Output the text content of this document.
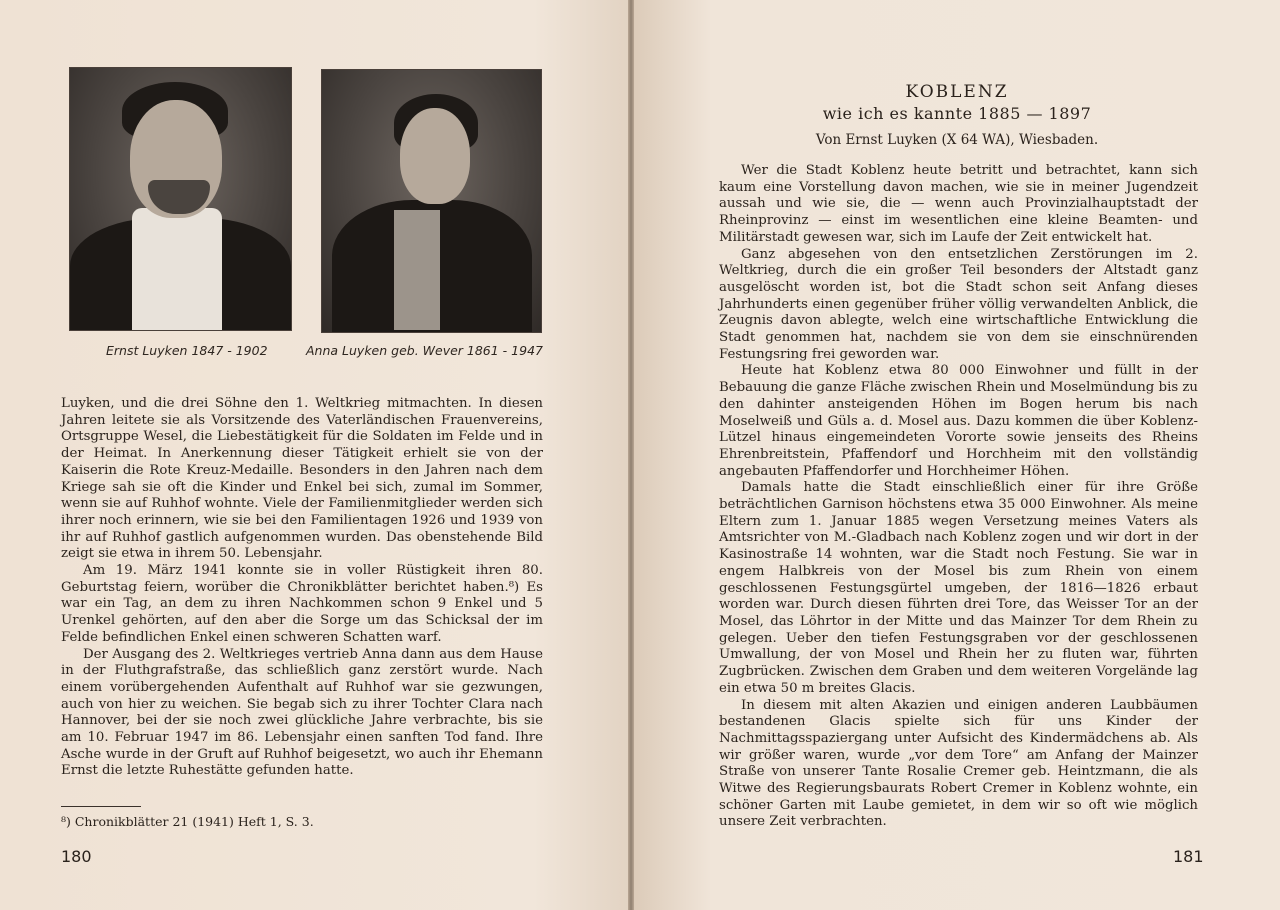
Ernst Luyken 1847 - 1902	Anna Luyken geb. Wever 1861 - 1947

Luyken, und die drei Söhne den 1. Weltkrieg mitmachten. In diesen Jahren leitete sie als Vorsitzende des Vaterländischen Frauenvereins, Ortsgruppe Wesel, die Liebestätigkeit für die Soldaten im Felde und in der Heimat. In Anerkennung dieser Tätigkeit erhielt sie von der Kaiserin die Rote Kreuz-Medaille. Besonders in den Jahren nach dem Kriege sah sie oft die Kinder und Enkel bei sich, zumal im Sommer, wenn sie auf Ruhhof wohnte. Viele der Familienmitglieder werden sich ihrer noch erinnern, wie sie bei den Familientagen 1926 und 1939 von ihr auf Ruhhof gastlich aufgenommen wurden. Das obenstehende Bild zeigt sie etwa in ihrem 50. Lebensjahr.

Am 19. März 1941 konnte sie in voller Rüstigkeit ihren 80. Geburtstag feiern, worüber die Chronikblätter berichtet haben.⁸) Es war ein Tag, an dem zu ihren Nachkommen schon 9 Enkel und 5 Urenkel gehörten, auf den aber die Sorge um das Schicksal der im Felde befindlichen Enkel einen schweren Schatten warf.

Der Ausgang des 2. Weltkrieges vertrieb Anna dann aus dem Hause in der Fluthgrafstraße, das schließlich ganz zerstört wurde. Nach einem vorübergehenden Aufenthalt auf Ruhhof war sie gezwungen, auch von hier zu weichen. Sie begab sich zu ihrer Tochter Clara nach Hannover, bei der sie noch zwei glückliche Jahre verbrachte, bis sie am 10. Februar 1947 im 86. Lebensjahr einen sanften Tod fand. Ihre Asche wurde in der Gruft auf Ruhhof beigesetzt, wo auch ihr Ehemann Ernst die letzte Ruhestätte gefunden hatte.

⁸) Chronikblätter 21 (1941) Heft 1, S. 3.
180
KOBLENZ
wie ich es kannte 1885 — 1897
Von Ernst Luyken (X 64 WA), Wiesbaden.

Wer die Stadt Koblenz heute betritt und betrachtet, kann sich kaum eine Vorstellung davon machen, wie sie in meiner Jugendzeit aussah und wie sie, die — wenn auch Provinzialhauptstadt der Rheinprovinz — einst im wesentlichen eine kleine Beamten- und Militärstadt gewesen war, sich im Laufe der Zeit entwickelt hat.

Ganz abgesehen von den entsetzlichen Zerstörungen im 2. Weltkrieg, durch die ein großer Teil besonders der Altstadt ganz ausgelöscht worden ist, bot die Stadt schon seit Anfang dieses Jahrhunderts einen gegenüber früher völlig verwandelten Anblick, die Zeugnis davon ablegte, welch eine wirtschaftliche Entwicklung die Stadt genommen hat, nachdem sie von dem sie einschnürenden Festungsring frei geworden war.

Heute hat Koblenz etwa 80 000 Einwohner und füllt in der Bebauung die ganze Fläche zwischen Rhein und Moselmündung bis zu den dahinter ansteigenden Höhen im Bogen herum bis nach Moselweiß und Güls a. d. Mosel aus. Dazu kommen die über Koblenz-Lützel hinaus eingemeindeten Vororte sowie jenseits des Rheins Ehrenbreitstein, Pfaffendorf und Horchheim mit den vollständig angebauten Pfaffendorfer und Horchheimer Höhen.

Damals hatte die Stadt einschließlich einer für ihre Größe beträchtlichen Garnison höchstens etwa 35 000 Einwohner. Als meine Eltern zum 1. Januar 1885 wegen Versetzung meines Vaters als Amtsrichter von M.-Gladbach nach Koblenz zogen und wir dort in der Kasinostraße 14 wohnten, war die Stadt noch Festung. Sie war in engem Halbkreis von der Mosel bis zum Rhein von einem geschlossenen Festungsgürtel umgeben, der 1816—1826 erbaut worden war. Durch diesen führten drei Tore, das Weisser Tor an der Mosel, das Löhrtor in der Mitte und das Mainzer Tor dem Rhein zu gelegen. Ueber den tiefen Festungsgraben vor der geschlossenen Umwallung, der von Mosel und Rhein her zu fluten war, führten Zugbrücken. Zwischen dem Graben und dem weiteren Vorgelände lag ein etwa 50 m breites Glacis.

In diesem mit alten Akazien und einigen anderen Laubbäumen bestandenen Glacis spielte sich für uns Kinder der Nachmittagsspaziergang unter Aufsicht des Kindermädchens ab. Als wir größer waren, wurde „vor dem Tore“ am Anfang der Mainzer Straße von unserer Tante Rosalie Cremer geb. Heintzmann, die als Witwe des Regierungsbaurats Robert Cremer in Koblenz wohnte, ein schöner Garten mit Laube gemietet, in dem wir so oft wie möglich unsere Zeit verbrachten.

181
